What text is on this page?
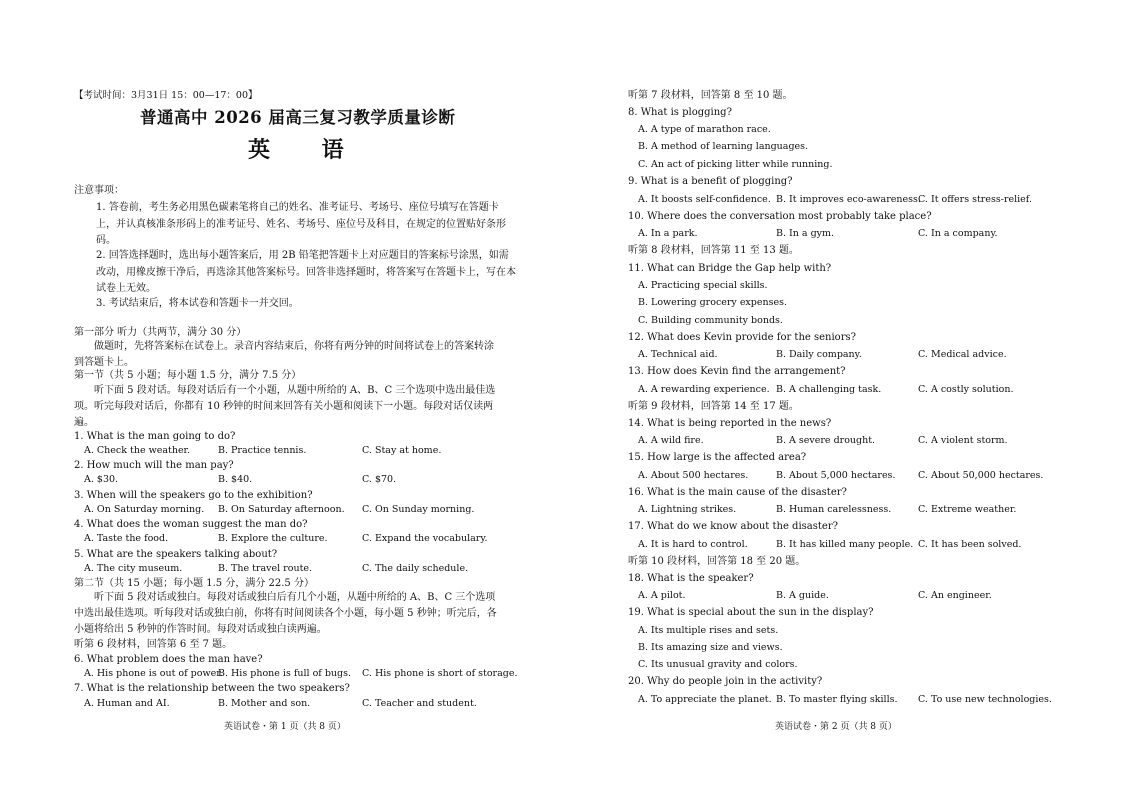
【考试时间：3月31日 15：00—17：00】
普通高中 2026 届高三复习教学质量诊断
英 语
注意事项：
1. 答卷前，考生务必用黑色碳素笔将自己的姓名、准考证号、考场号、座位号填写在答题卡上，并认真核准条形码上的准考证号、姓名、考场号、座位号及科目，在规定的位置贴好条形码。
2. 回答选择题时，选出每小题答案后，用 2B 铅笔把答题卡上对应题目的答案标号涂黑，如需改动，用橡皮擦干净后，再选涂其他答案标号。回答非选择题时，将答案写在答题卡上，写在本试卷上无效。
3. 考试结束后，将本试卷和答题卡一并交回。
第一部分 听力（共两节，满分 30 分）
做题时，先将答案标在试卷上。录音内容结束后，你将有两分钟的时间将试卷上的答案转涂到答题卡上。
第一节（共 5 小题；每小题 1.5 分，满分 7.5 分）
听下面 5 段对话。每段对话后有一个小题，从题中所给的 A、B、C 三个选项中选出最佳选项。听完每段对话后，你都有 10 秒钟的时间来回答有关小题和阅读下一小题。每段对话仅读两遍。
1. What is the man going to do?
A. Check the weather.	B. Practice tennis.	C. Stay at home.
2. How much will the man pay?
A. $30.	B. $40.	C. $70.
3. When will the speakers go to the exhibition?
A. On Saturday morning. B. On Saturday afternoon. C. On Sunday morning.
4. What does the woman suggest the man do?
A. Taste the food.	B. Explore the culture.	C. Expand the vocabulary.
5. What are the speakers talking about?
A. The city museum.	B. The travel route.	C. The daily schedule.
第二节（共 15 小题；每小题 1.5 分，满分 22.5 分）
听下面 5 段对话或独白。每段对话或独白后有几个小题，从题中所给的 A、B、C 三个选项中选出最佳选项。听每段对话或独白前，你将有时间阅读各个小题，每小题 5 秒钟；听完后，各小题将给出 5 秒钟的作答时间。每段对话或独白读两遍。
听第 6 段材料，回答第 6 至 7 题。
6. What problem does the man have?
A. His phone is out of power.
B. His phone is full of bugs. C. His phone is short of storage.
7. What is the relationship between the two speakers?
A. Human and AI.	B. Mother and son.	C. Teacher and student.
英语试卷・第 1 页（共 8 页）
听第 7 段材料，回答第 8 至 10 题。
8. What is plogging?
A. A type of marathon race.
B. A method of learning languages.
C. An act of picking litter while running.
9. What is a benefit of plogging?
A. It boosts self-confidence. B. It improves eco-awareness.
C. It offers stress-relief.
10. Where does the conversation most probably take place?
A. In a park.	B. In a gym.	C. In a company.
听第 8 段材料，回答第 11 至 13 题。
11. What can Bridge the Gap help with?
A. Practicing special skills.
B. Lowering grocery expenses.
C. Building community bonds.
12. What does Kevin provide for the seniors?
A. Technical aid.	B. Daily company.	C. Medical advice.
13. How does Kevin find the arrangement?
A. A rewarding experience. B. A challenging task.	C. A costly solution.
听第 9 段材料，回答第 14 至 17 题。
14. What is being reported in the news?
A. A wild fire.	B. A severe drought.	C. A violent storm.
15. How large is the affected area?
A. About 500 hectares.	B. About 5,000 hectares. C. About 50,000 hectares.
16. What is the main cause of the disaster?
A. Lightning strikes.	B. Human carelessness.	C. Extreme weather.
17. What do we know about the disaster?
A. It is hard to control.	B. It has killed many people. C. It has been solved.
听第 10 段材料，回答第 18 至 20 题。
18. What is the speaker?
A. A pilot.	B. A guide.	C. An engineer.
19. What is special about the sun in the display?
A. Its multiple rises and sets.
B. Its amazing size and views.
C. Its unusual gravity and colors.
20. Why do people join in the activity?
A. To appreciate the planet. B. To master flying skills. C. To use new technologies.
英语试卷・第 2 页（共 8 页）
